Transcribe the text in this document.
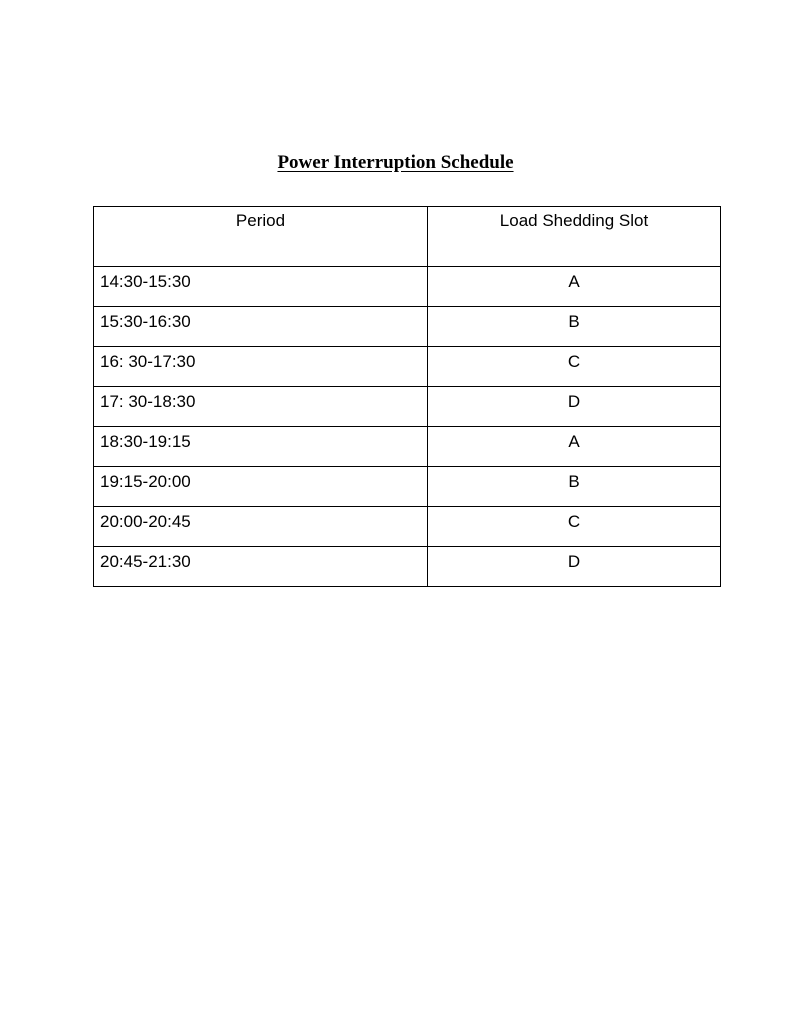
Power Interruption Schedule
Period	Load Shedding Slot
14:30-15:30	A
15:30-16:30	B
16: 30-17:30	C
17: 30-18:30	D
18:30-19:15	A
19:15-20:00	B
20:00-20:45	C
20:45-21:30	D
